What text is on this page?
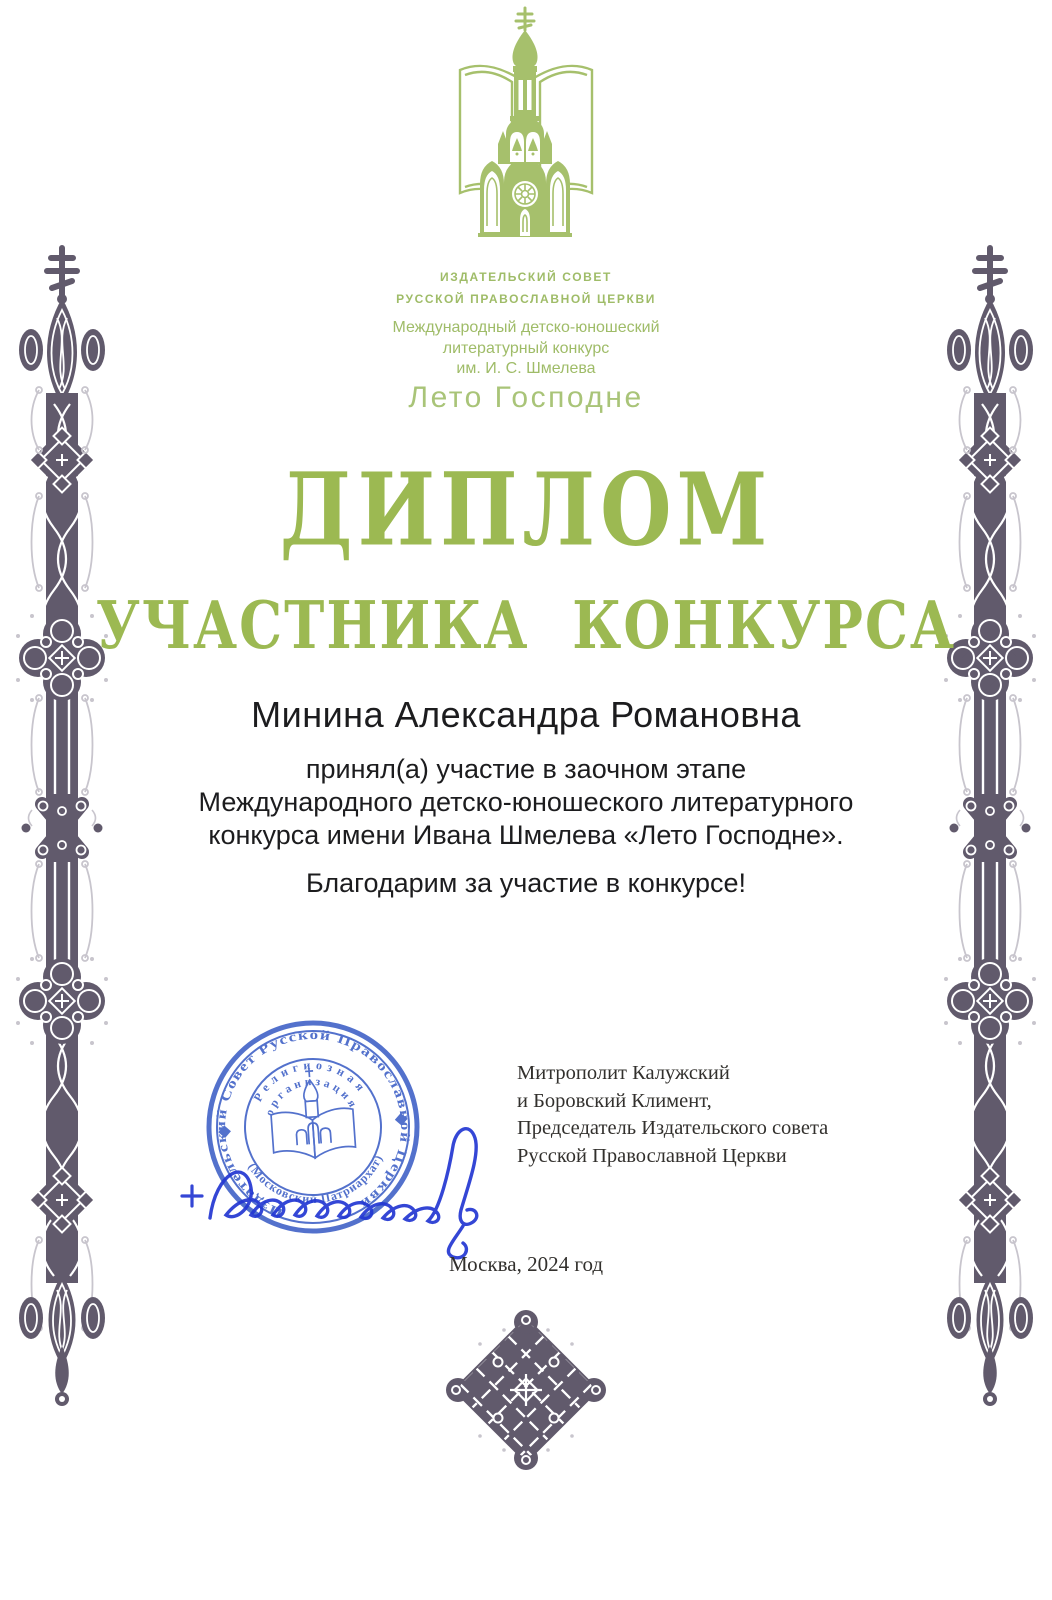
ИЗДАТЕЛЬСКИЙ СОВЕТ
РУССКОЙ ПРАВОСЛАВНОЙ ЦЕРКВИ
Международный детско-юношеский
литературный конкурс
им. И. С. Шмелева
Лето Господне
ДИПЛОМ
УЧАСТНИКА КОНКУРСА
Минина Александра Романовна
принял(а) участие в заочном этапе
Международного детско-юношеского литературного
конкурса имени Ивана Шмелева «Лето Господне».
Благодарим за участие в конкурсе!
Издательский Совет Русской Православной Церкви
Религиозная
организация
(Московский Патриархат)
Митрополит Калужский
и Боровский Климент,
Председатель Издательского совета
Русской Православной Церкви
Москва, 2024 год
